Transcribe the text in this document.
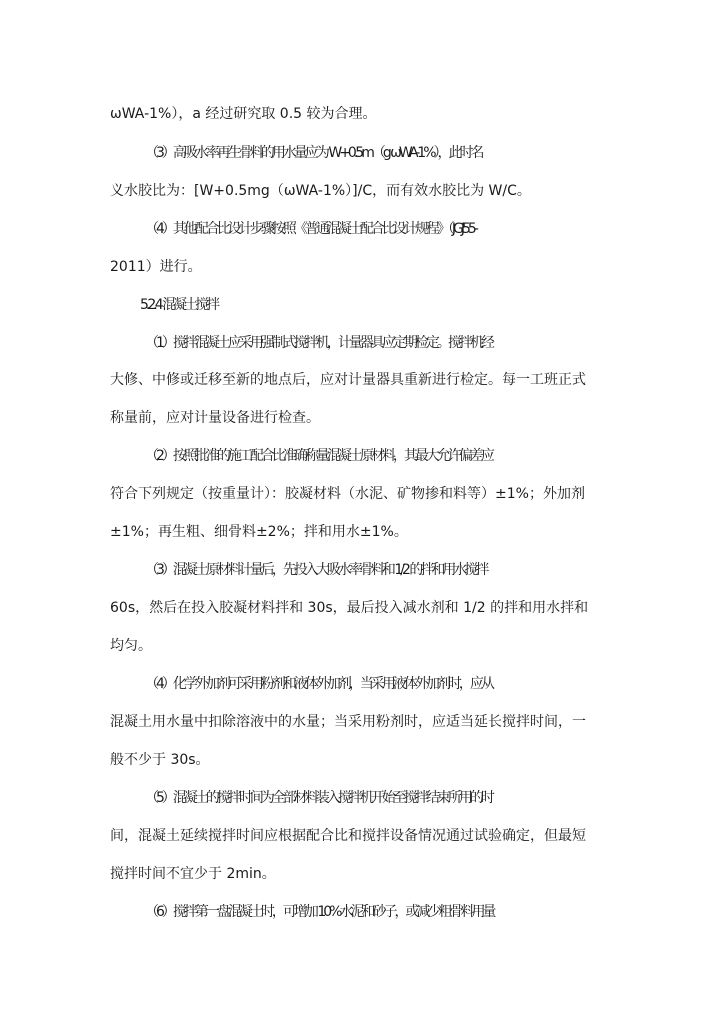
ωWA-1%），a 经过研究取 0.5 较为合理。
（3）高吸水率再生骨料的用水量应为 W+0.5m（g ωWA-1%），此时名
义水胶比为：[W+0.5mg（ωWA-1%）]/C，而有效水胶比为 W/C。
（4）其他配合比设计步骤按照《普通混凝土配合比设计规程》（JGJ55-
2011）进行。
5.2.4 混凝土搅拌
（1）搅拌混凝土应采用强制式搅拌机，计量器具应定期检定。搅拌机经
大修、中修或迁移至新的地点后，应对计量器具重新进行检定。每一工班正式
称量前，应对计量设备进行检查。
（2）按照批准的施工配合比准确称量混凝土原材料，其最大允许偏差应
符合下列规定（按重量计）：胶凝材料（水泥、矿物掺和料等）±1%；外加剂
±1%；再生粗、细骨料±2%；拌和用水±1%。
（3）混凝土原材料计量后，先投入大吸水率骨料和 1/2 的拌和用水搅拌
60s，然后在投入胶凝材料拌和 30s，最后投入减水剂和 1/2 的拌和用水拌和
均匀。
（4）化学外加剂可采用粉剂和液体外加剂，当采用液体外加剂时，应从
混凝土用水量中扣除溶液中的水量；当采用粉剂时，应适当延长搅拌时间，一
般不少于 30s。
（5）混凝土的搅拌时间为全部材料装入搅拌机开始至搅拌结束所用的时
间，混凝土延续搅拌时间应根据配合比和搅拌设备情况通过试验确定，但最短
搅拌时间不宜少于 2min。
（6）搅拌第一盘混凝土时，可增加 10%水泥和砂子，或减少粗骨料用量
